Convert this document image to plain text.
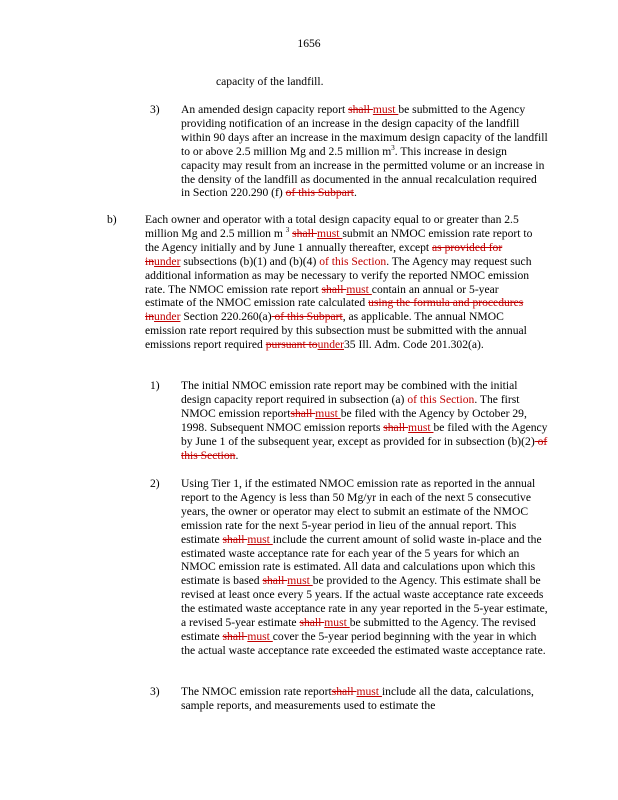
1656
capacity of the landfill.
3) An amended design capacity report shall must be submitted to the Agency providing notification of an increase in the design capacity of the landfill within 90 days after an increase in the maximum design capacity of the landfill to or above 2.5 million Mg and 2.5 million $m^3$. This increase in design capacity may result from an increase in the permitted volume or an increase in the density of the landfill as documented in the annual recalculation required in Section 220.290 (f) of this Subpart.
b) Each owner and operator with a total design capacity equal to or greater than 2.5 million Mg and 2.5 million m $^3$ shall must submit an NMOC emission rate report to the Agency initially and by June 1 annually thereafter, except as provided for inunder subsections (b)(1) and (b)(4) of this Section. The Agency may request such additional information as may be necessary to verify the reported NMOC emission rate. The NMOC emission rate report shall must contain an annual or 5-year estimate of the NMOC emission rate calculated using the formula and procedures inunder Section 220.260(a) of this Subpart, as applicable. The annual NMOC emission rate report required by this subsection must be submitted with the annual emissions report required pursuant tounder35 Ill. Adm. Code 201.302(a).
1) The initial NMOC emission rate report may be combined with the initial design capacity report required in subsection (a) of this Section. The first NMOC emission reportshall must be filed with the Agency by October 29, 1998. Subsequent NMOC emission reports shall must be filed with the Agency by June 1 of the subsequent year, except as provided for in subsection (b)(2) of this Section.
2) Using Tier 1, if the estimated NMOC emission rate as reported in the annual report to the Agency is less than 50 Mg/yr in each of the next 5 consecutive years, the owner or operator may elect to submit an estimate of the NMOC emission rate for the next 5-year period in lieu of the annual report. This estimate shall must include the current amount of solid waste in-place and the estimated waste acceptance rate for each year of the 5 years for which an NMOC emission rate is estimated. All data and calculations upon which this estimate is based shall must be provided to the Agency. This estimate shall be revised at least once every 5 years. If the actual waste acceptance rate exceeds the estimated waste acceptance rate in any year reported in the 5-year estimate, a revised 5-year estimate shall must be submitted to the Agency. The revised estimate shall must cover the 5-year period beginning with the year in which the actual waste acceptance rate exceeded the estimated waste acceptance rate.
3) The NMOC emission rate reportshall must include all the data, calculations, sample reports, and measurements used to estimate the
